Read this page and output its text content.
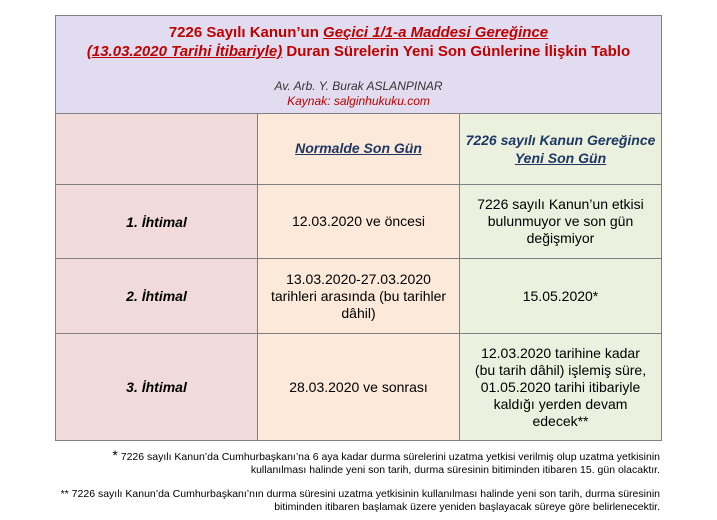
7226 Sayılı Kanun’un Geçici 1/1-a Maddesi Gereğince
(13.03.2020 Tarihi İtibariyle) Duran Sürelerin Yeni Son Günlerine İlişkin Tablo
Av. Arb. Y. Burak ASLANPINAR
Kaynak: salginhukuku.com		

	Normalde Son Gün	7226 sayılı Kanun Gereğince
Yeni Son Gün

1. İhtimal	12.03.2020 ve öncesi	7226 sayılı Kanun’un etkisi bulunmuyor ve son gün değişmiyor

2. İhtimal	13.03.2020-27.03.2020 tarihleri arasında (bu tarihler dâhil)	15.05.2020*

3. İhtimal	28.03.2020 ve sonrası	12.03.2020 tarihine kadar (bu tarih dâhil) işlemiş süre, 01.05.2020 tarihi itibariyle kaldığı yerden devam edecek**
* 7226 sayılı Kanun’da Cumhurbaşkanı’na 6 aya kadar durma sürelerini uzatma yetkisi verilmiş olup uzatma yetkisinin kullanılması halinde yeni son tarih, durma süresinin bitiminden itibaren 15. gün olacaktır.
** 7226 sayılı Kanun’da Cumhurbaşkanı’nın durma süresini uzatma yetkisinin kullanılması halinde yeni son tarih, durma süresinin bitiminden itibaren başlamak üzere yeniden başlayacak süreye göre belirlenecektir.
